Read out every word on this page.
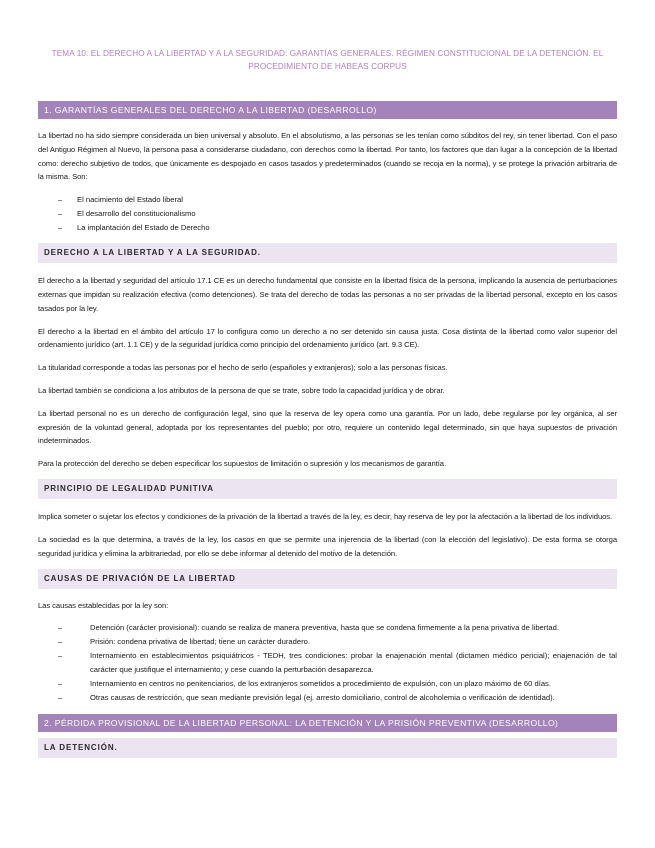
TEMA 10: EL DERECHO A LA LIBERTAD Y A LA SEGURIDAD: GARANTÍAS GENERALES. RÉGIMEN CONSTITUCIONAL DE LA DETENCIÓN. EL PROCEDIMIENTO DE HABEAS CORPUS
1. GARANTÍAS GENERALES DEL DERECHO A LA LIBERTAD (DESARROLLO)

La libertad no ha sido siempre considerada un bien universal y absoluto. En el absolutismo, a las personas se les tenían como súbditos del rey, sin tener libertad. Con el paso del Antiguo Régimen al Nuevo, la persona pasa a considerarse ciudadano, con derechos como la libertad. Por tanto, los factores que dan lugar a la concepción de la libertad como: derecho subjetivo de todos, que únicamente es despojado en casos tasados y predeterminados (cuando se recoja en la norma), y se protege la privación arbitraria de la misma. Son:

– El nacimiento del Estado liberal
– El desarrollo del constitucionalismo
– La implantación del Estado de Derecho
DERECHO A LA LIBERTAD Y A LA SEGURIDAD.

El derecho a la libertad y seguridad del artículo 17.1 CE es un derecho fundamental que consiste en la libertad física de la persona, implicando la ausencia de perturbaciones externas que impidan su realización efectiva (como detenciones). Se trata del derecho de todas las personas a no ser privadas de la libertad personal, excepto en los casos tasados por la ley.

El derecho a la libertad en el ámbito del artículo 17 lo configura como un derecho a no ser detenido sin causa justa. Cosa distinta de la libertad como valor superior del ordenamiento jurídico (art. 1.1 CE) y de la seguridad jurídica como principio del ordenamiento jurídico (art. 9.3 CE).

La titularidad corresponde a todas las personas por el hecho de serlo (españoles y extranjeros); solo a las personas físicas.

La libertad también se condiciona a los atributos de la persona de que se trate, sobre todo la capacidad jurídica y de obrar.

La libertad personal no es un derecho de configuración legal, sino que la reserva de ley opera como una garantía. Por un lado, debe regularse por ley orgánica, al ser expresión de la voluntad general, adoptada por los representantes del pueblo; por otro, requiere un contenido legal determinado, sin que haya supuestos de privación indeterminados.

Para la protección del derecho se deben especificar los supuestos de limitación o supresión y los mecanismos de garantía.

PRINCIPIO DE LEGALIDAD PUNITIVA

Implica someter o sujetar los efectos y condiciones de la privación de la libertad a través de la ley, es decir, hay reserva de ley por la afectación a la libertad de los individuos.

La sociedad es la que determina, a través de la ley, los casos en que se permite una injerencia de la libertad (con la elección del legislativo). De esta forma se otorga seguridad jurídica y elimina la arbitrariedad, por ello se debe informar al detenido del motivo de la detención.

CAUSAS DE PRIVACIÓN DE LA LIBERTAD

Las causas establecidas por la ley son:

–	Detención (carácter provisional): cuando se realiza de manera preventiva, hasta que se condena firmemente a la pena privativa de libertad.
–	Prisión: condena privativa de libertad; tiene un carácter duradero.
–	Internamiento en establecimientos psiquiátricos - TEDH, tres condiciones: probar la enajenación mental (dictamen médico pericial); enajenación de tal carácter que justifique el internamiento; y cese cuando la perturbación desaparezca.
–	Internamiento en centros no penitenciarios, de los extranjeros sometidos a procedimiento de expulsión, con un plazo máximo de 60 días.
–	Otras causas de restricción, que sean mediante previsión legal (ej. arresto domiciliario, control de alcoholemia o verificación de identidad).
2. PÉRDIDA PROVISIONAL DE LA LIBERTAD PERSONAL: LA DETENCIÓN Y LA PRISIÓN PREVENTIVA (DESARROLLO)
LA DETENCIÓN.
